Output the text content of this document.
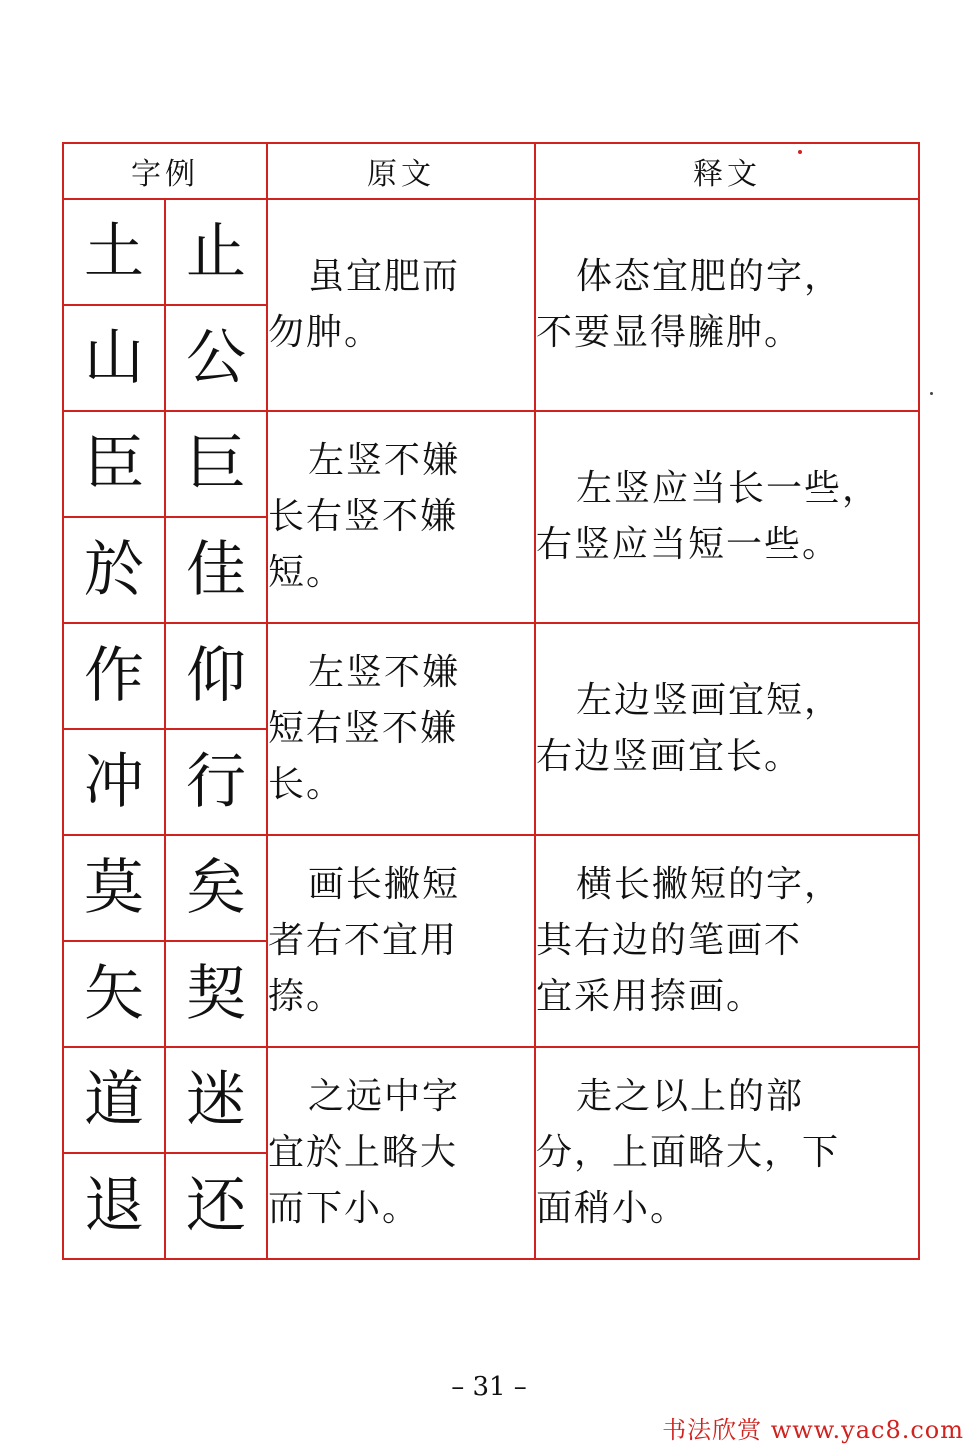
字例		原文	释文
土	止	虽宜肥而
勿肿。	体态宜肥的字，
不要显得臃肿。

山	公		
臣	巨	左竖不嫌
长右竖不嫌
短。	左竖应当长一些，
右竖应当短一些。

於	佳		
作	仰	左竖不嫌
短右竖不嫌
长。	左边竖画宜短，
右边竖画宜长。

冲	行		
莫	矣	画长撇短
者右不宜用
捺。	横长撇短的字，
其右边的笔画不
宜采用捺画。

矢	契		
道	迷	之远中字
宜於上略大
而下小。	走之以上的部
分，上面略大，下
面稍小。

退	还		
– 31 –
书法欣赏 www.yac8.com
